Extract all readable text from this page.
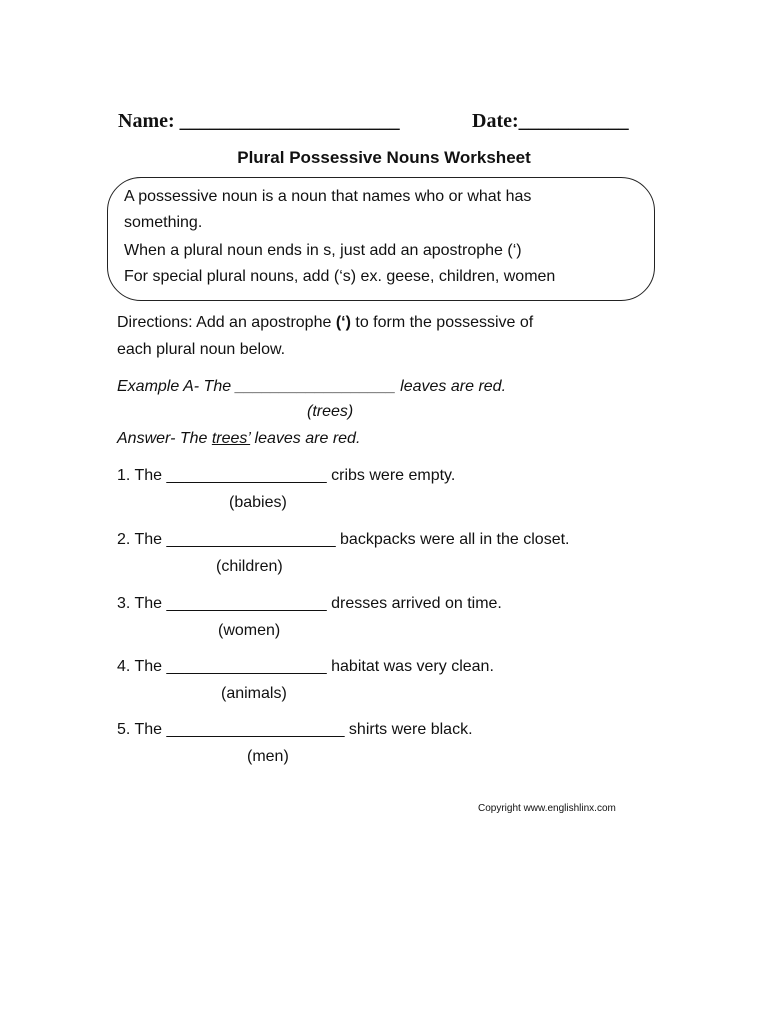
Name: ______________________	Date:___________
Plural Possessive Nouns Worksheet
A possessive noun is a noun that names who or what has
something.
When a plural noun ends in s, just add an apostrophe (‘)
For special plural nouns, add (‘s) ex. geese, children, women
Directions: Add an apostrophe (‘) to form the possessive of
each plural noun below.
Example A- The __________________ leaves are red.
(trees)
Answer- The trees’ leaves are red.
1. The __________________ cribs were empty.
(babies)
2. The ___________________ backpacks were all in the closet.
(children)
3. The __________________ dresses arrived on time.
(women)
4. The __________________ habitat was very clean.
(animals)
5. The ____________________ shirts were black.
(men)
Copyright www.englishlinx.com
